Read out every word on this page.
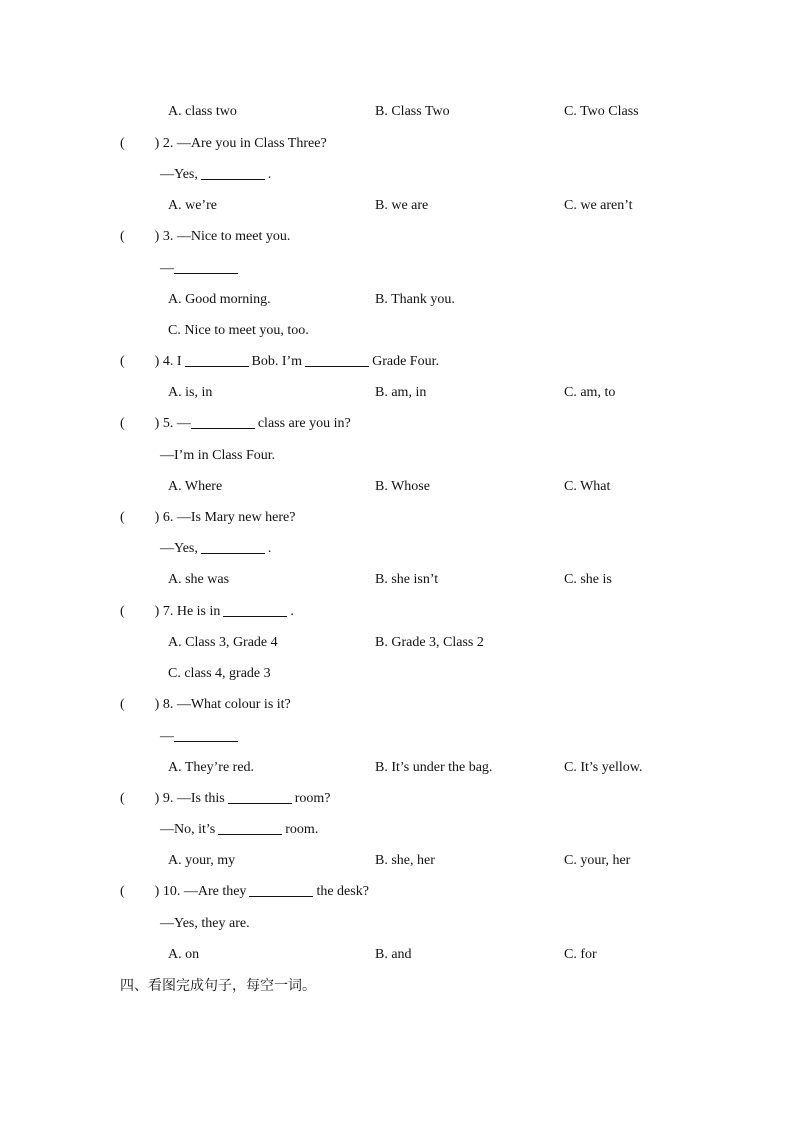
A. class two	B. Class Two	C. Two Class
( ) 2. —Are you in Class Three?
—Yes,	.
A. we’re	B. we are	C. we aren’t
( ) 3. —Nice to meet you.
—
A. Good morning.	B. Thank you.
C. Nice to meet you, too.
( ) 4. I	Bob. I’m	Grade Four.
A. is, in	B. am, in	C. am, to
( ) 5. —	class are you in?
—I’m in Class Four.
A. Where	B. Whose	C. What
( ) 6. —Is Mary new here?
—Yes,	.
A. she was	B. she isn’t	C. she is
( ) 7. He is in	.
A. Class 3, Grade 4	B. Grade 3, Class 2
C. class 4, grade 3
( ) 8. —What colour is it?
—
A. They’re red.	B. It’s under the bag.	C. It’s yellow.
( ) 9. —Is this	room?
—No, it’s	room.
A. your, my	B. she, her	C. your, her
( ) 10. —Are they	the desk?
—Yes, they are.
A. on	B. and	C. for
四、看图完成句子，每空一词。
